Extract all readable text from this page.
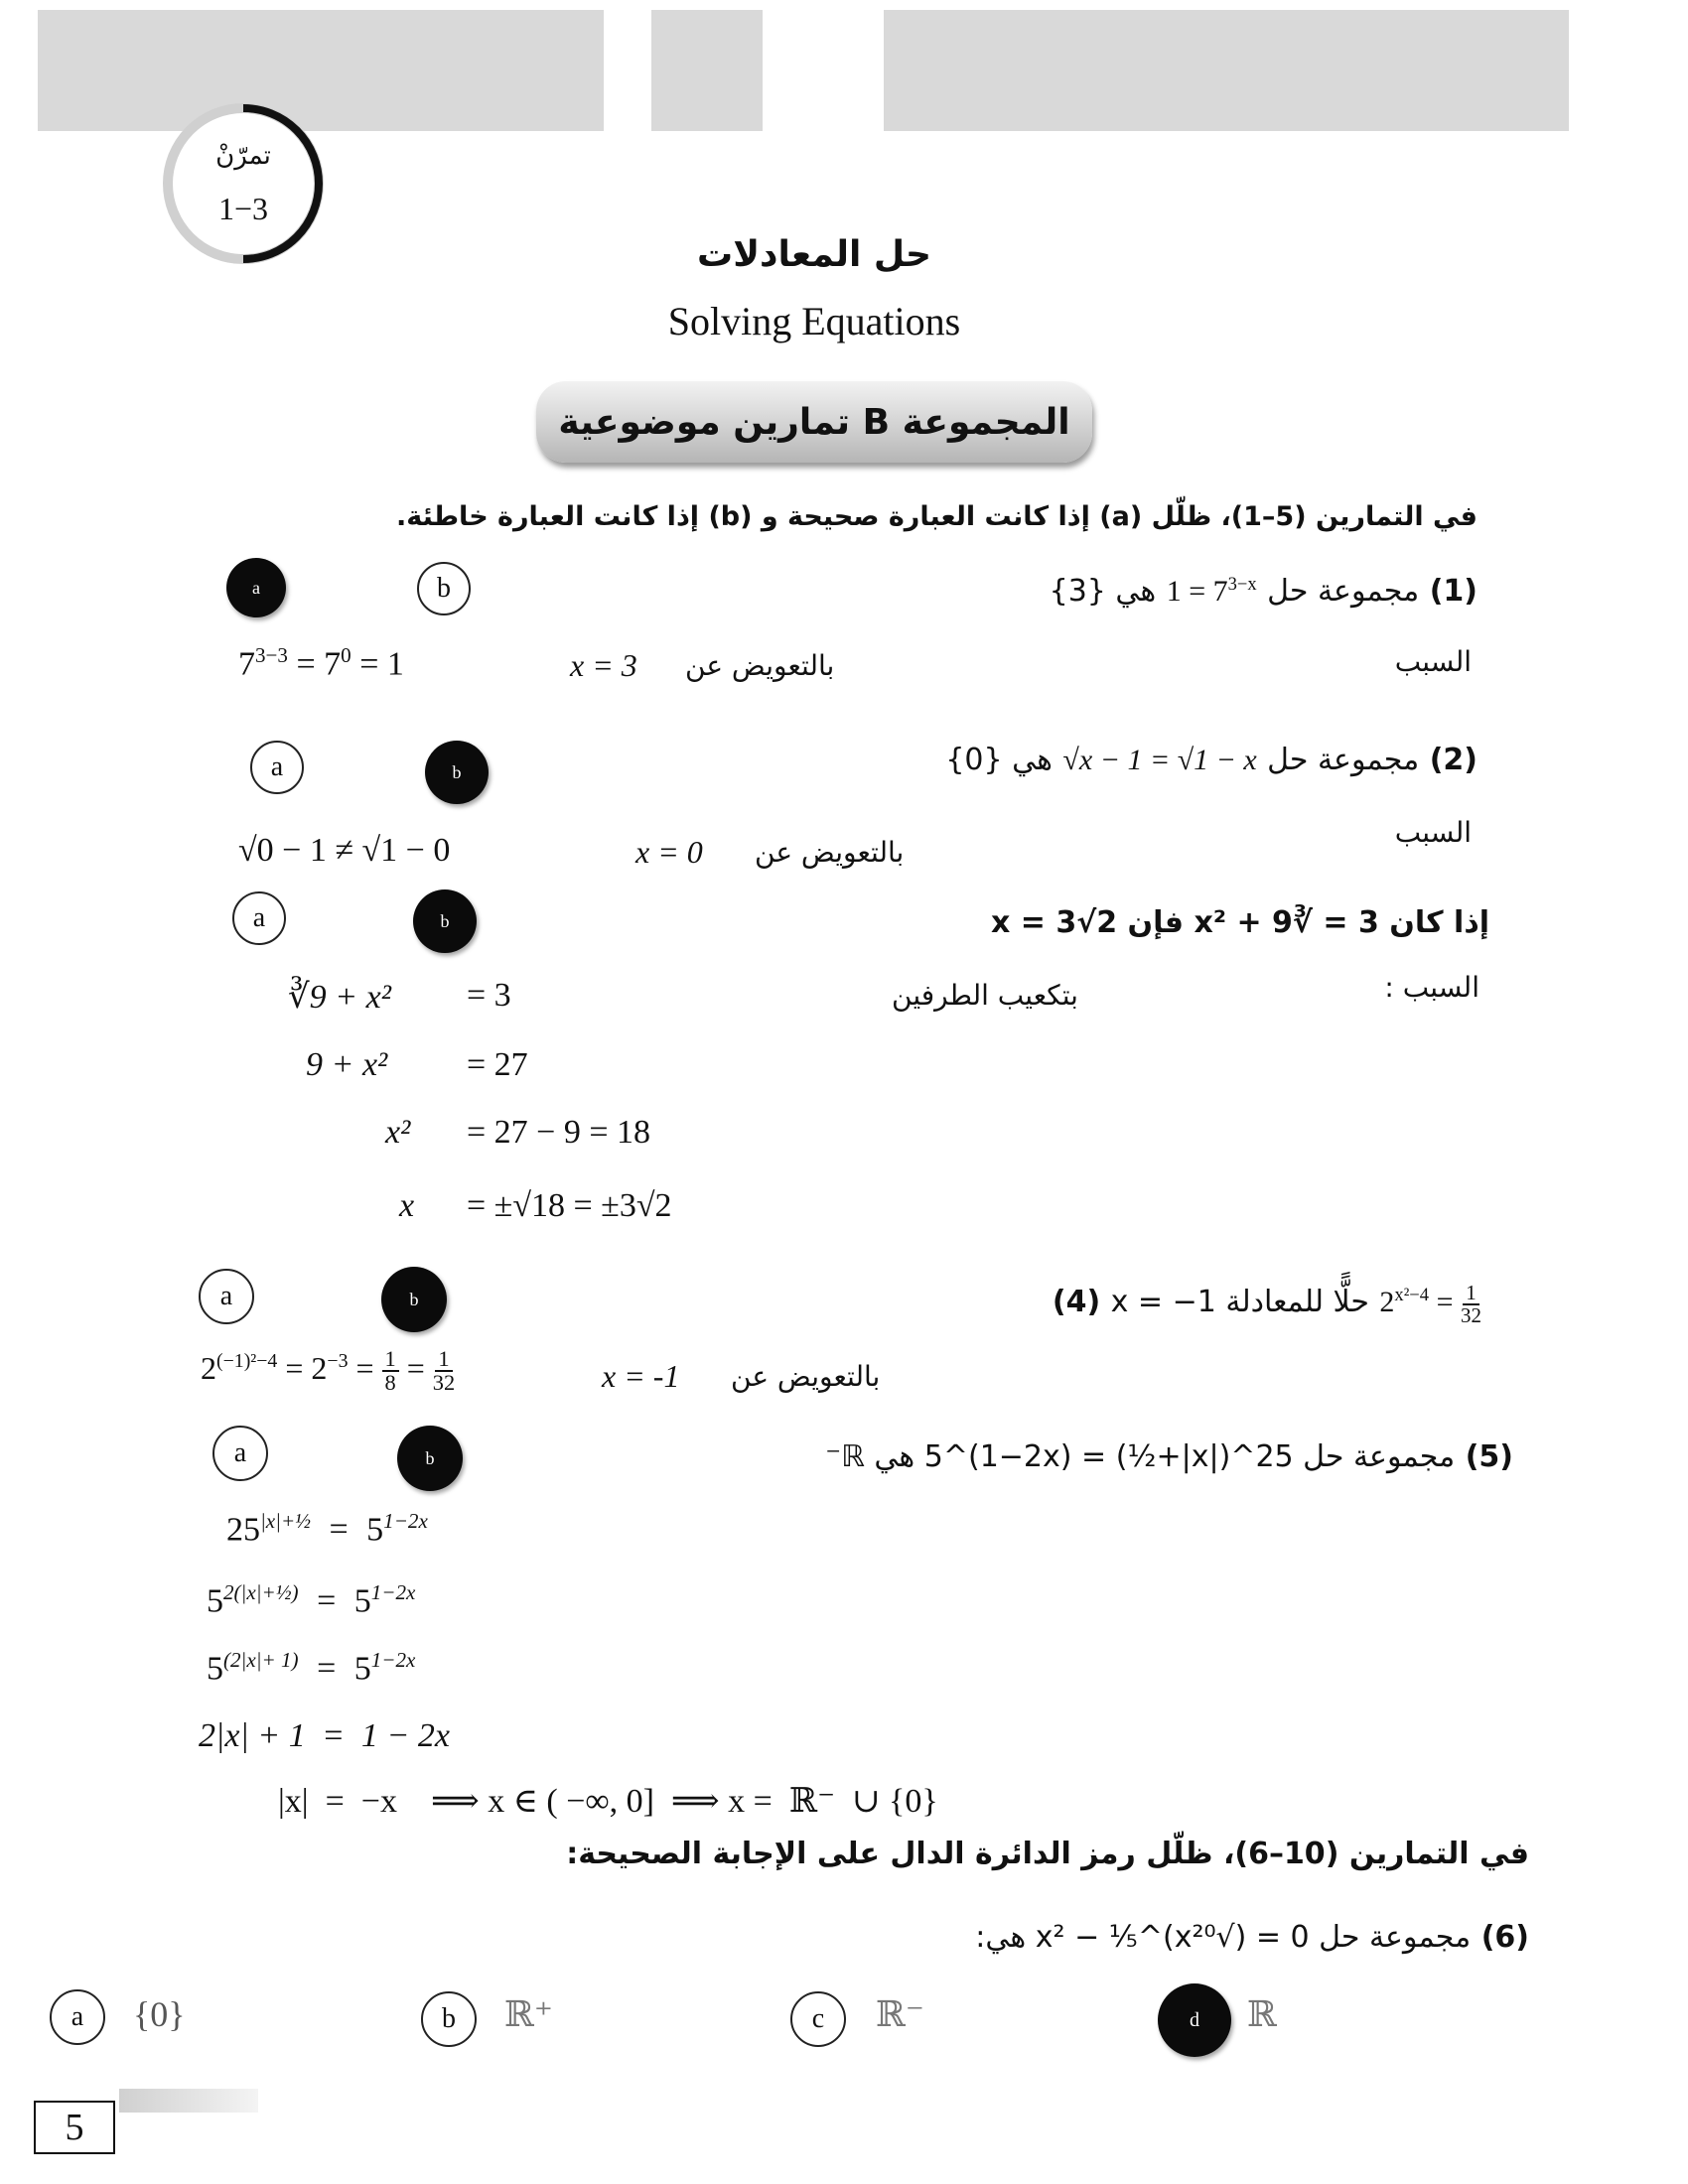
تمرّنْ
1−3
حل المعادلات
Solving Equations
المجموعة B تمارين موضوعية
في التمارين (5–1)، ظلّل (a) إذا كانت العبارة صحيحة و (b) إذا كانت العبارة خاطئة.
(1) مجموعة حل $1 = 7^{3-x}$ هي {3}
a	b
السبب
بالتعويض عن
x = 3
$7^{3-3} = 7^0 = 1$
(2) مجموعة حل √x − 1 = √1 − x هي {0}
a	b
السبب
بالتعويض عن
x = 0
√0 − 1 ≠ √1 − 0
إذا كان 3 = ∛9 + x² فإن x = 3√2
a	b
السبب :
بتكعيب الطرفين
∛9 + x² = 3
9 + x² = 27
x² = 27 − 9 = 18
x = ±√18 = ±3√2
(4) x = −1 حلًّا للمعادلة $2^{x^2-4} = \frac{1}{32}$
a	b
بالتعويض عن
x = -1
$2^{(-1)^2-4} = 2^{-3} = \frac{1}{8} = \frac{1}{32}$
(5) مجموعة حل 25^(|x|+½) = 5^(1−2x) هي ℝ⁻
a	b
$25^{|x|+\frac{1}{2}} = 5^{1-2x}$
$5^{2(|x|+\frac{1}{2})} = 5^{1-2x}$
$5^{(2|x|+ 1)} = 5^{1-2x}$
2|x| + 1 = 1 − 2x
|x|  =  −x    ⟹ x ∈ ( −∞, 0]  ⟹ x =  ℝ⁻  ∪ {0}
في التمارين (10–6)، ظلّل رمز الدائرة الدال على الإجابة الصحيحة:
(6) مجموعة حل 0 = (√x²⁰)^⅕ − x² هي:
a {0}	b ℝ⁺	c ℝ⁻	d ℝ
5
